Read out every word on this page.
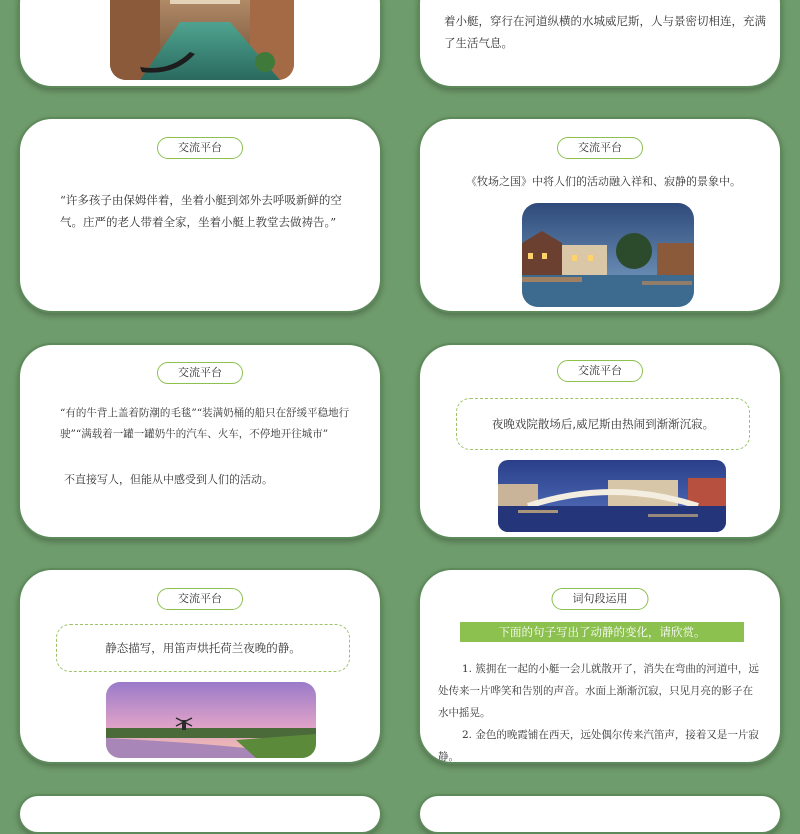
着小艇，穿行在河道纵横的水城威尼斯，人与景密切相连，充满了生活气息。
交流平台
“许多孩子由保姆伴着，坐着小艇到郊外去呼吸新鲜的空气。庄严的老人带着全家，坐着小艇上教堂去做祷告。”
交流平台
《牧场之国》中将人们的活动融入祥和、寂静的景象中。
交流平台
“有的牛背上盖着防潮的毛毯”“装满奶桶的船只在舒缓平稳地行驶”“满载着一罐一罐奶牛的汽车、火车，不停地开往城市”
不直接写人，但能从中感受到人们的活动。
交流平台
夜晚戏院散场后,威尼斯由热闹到渐渐沉寂。
交流平台
静态描写，用笛声烘托荷兰夜晚的静。
词句段运用
下面的句子写出了动静的变化，请欣赏。
1. 簇拥在一起的小艇一会儿就散开了，消失在弯曲的河道中，远处传来一片哗笑和告别的声音。水面上渐渐沉寂，只见月亮的影子在水中摇晃。
2. 金色的晚霞铺在西天，远处偶尔传来汽笛声，接着又是一片寂静。
